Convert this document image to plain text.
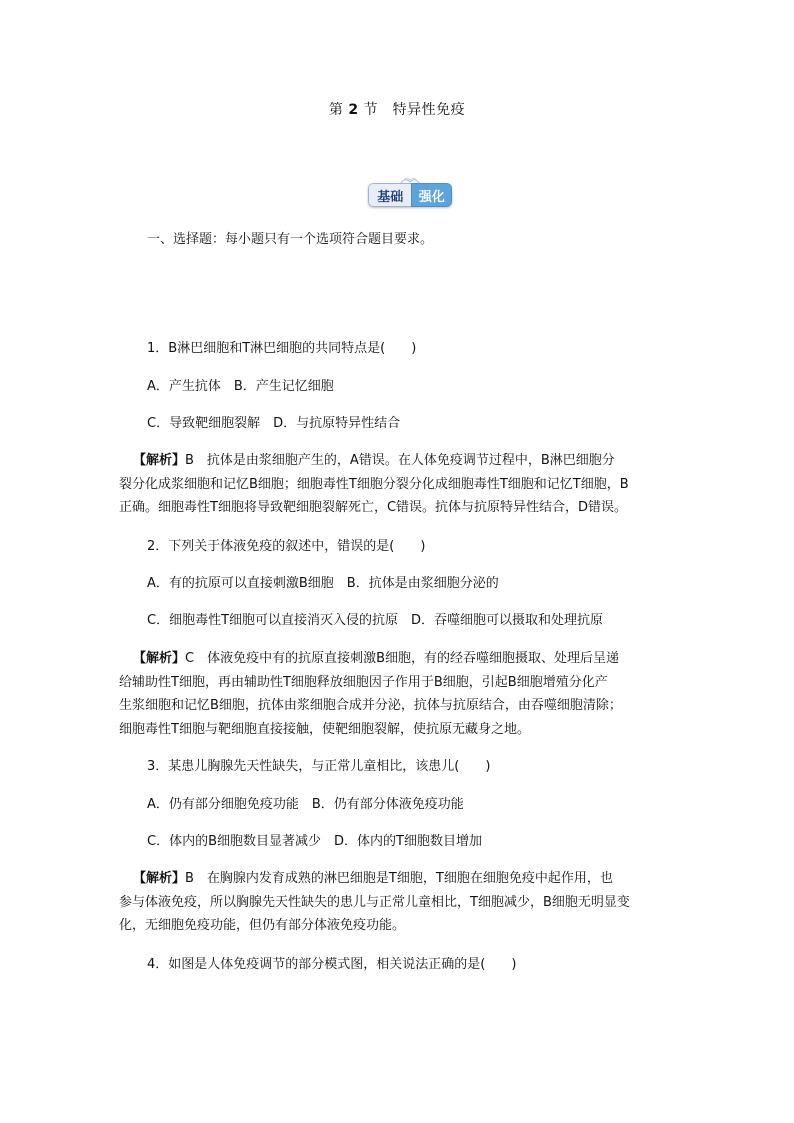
第 2 节　特异性免疫
基础	强化
一、选择题：每小题只有一个选项符合题目要求。
1．B淋巴细胞和T淋巴细胞的共同特点是(　　)
A．产生抗体　B．产生记忆细胞
C．导致靶细胞裂解　D．与抗原特异性结合
【解析】B　抗体是由浆细胞产生的，A错误。在人体免疫调节过程中，B淋巴细胞分
裂分化成浆细胞和记忆B细胞；细胞毒性T细胞分裂分化成细胞毒性T细胞和记忆T细胞，B
正确。细胞毒性T细胞将导致靶细胞裂解死亡，C错误。抗体与抗原特异性结合，D错误。
2．下列关于体液免疫的叙述中，错误的是(　　)
A．有的抗原可以直接刺激B细胞　B．抗体是由浆细胞分泌的
C．细胞毒性T细胞可以直接消灭入侵的抗原　D．吞噬细胞可以摄取和处理抗原
【解析】C　体液免疫中有的抗原直接刺激B细胞，有的经吞噬细胞摄取、处理后呈递
给辅助性T细胞，再由辅助性T细胞释放细胞因子作用于B细胞，引起B细胞增殖分化产
生浆细胞和记忆B细胞，抗体由浆细胞合成并分泌，抗体与抗原结合，由吞噬细胞清除；
细胞毒性T细胞与靶细胞直接接触，使靶细胞裂解，使抗原无藏身之地。
3．某患儿胸腺先天性缺失，与正常儿童相比，该患儿(　　)
A．仍有部分细胞免疫功能　B．仍有部分体液免疫功能
C．体内的B细胞数目显著减少　D．体内的T细胞数目增加
【解析】B　在胸腺内发育成熟的淋巴细胞是T细胞，T细胞在细胞免疫中起作用，也
参与体液免疫，所以胸腺先天性缺失的患儿与正常儿童相比，T细胞减少，B细胞无明显变
化，无细胞免疫功能，但仍有部分体液免疫功能。
4．如图是人体免疫调节的部分模式图，相关说法正确的是(　　)
